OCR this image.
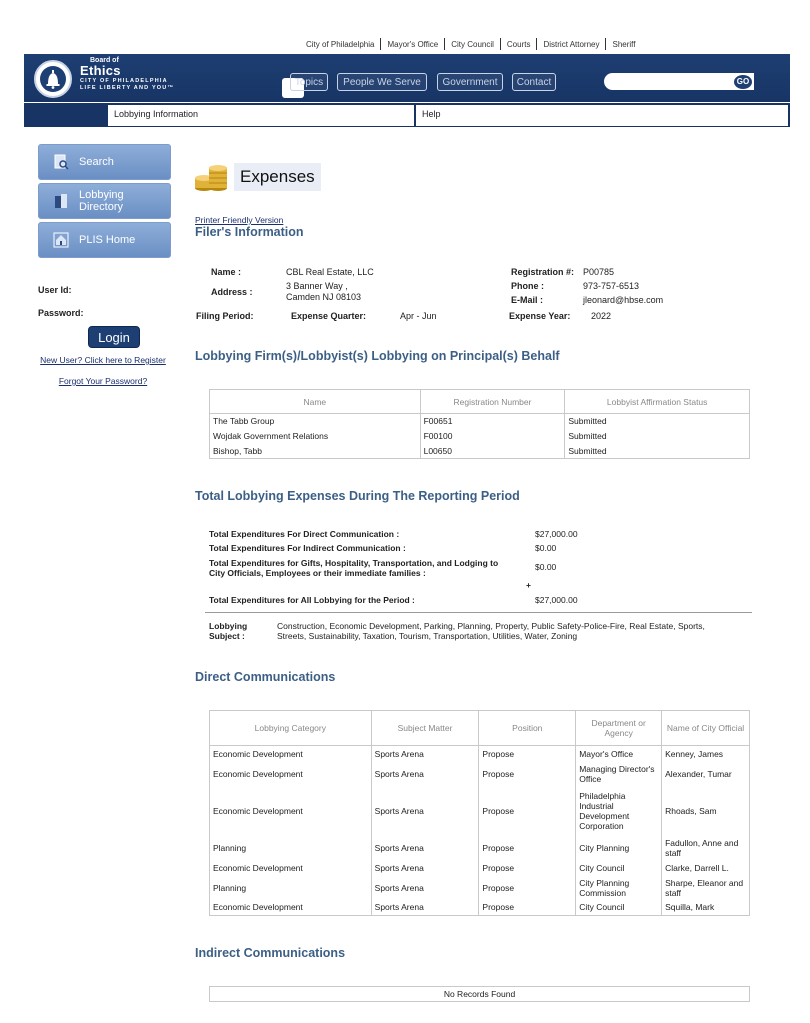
City of Philadelphia	Mayor's Office	City Council	Courts	District Attorney	Sheriff
Board of
Ethics
CITY OF PHILADELPHIA
LIFE LIBERTY AND YOU™	Topics	People We Serve	Government	Contact	GO
Lobbying Information	Help
Search
Lobbying Directory
PLIS Home
User Id:
Password:
Login
New User? Click here to Register
Forgot Your Password?
Expenses
Printer Friendly Version
Filer's Information
Name :	CBL Real Estate, LLC
Address :
3 Banner Way ,
Camden NJ 08103
Registration #: P00785
Phone :	973-757-6513
E-Mail :	jleonard@hbse.com
Filing Period:	Expense Quarter:	Apr - Jun	Expense Year: 2022
Lobbying Firm(s)/Lobbyist(s) Lobbying on Principal(s) Behalf
Name	Registration Number	Lobbyist Affirmation Status
The Tabb Group	F00651	Submitted
Wojdak Government Relations	F00100	Submitted
Bishop, Tabb	L00650	Submitted
Total Lobbying Expenses During The Reporting Period
Total Expenditures For Direct Communication :	$27,000.00
Total Expenditures For Indirect Communication :	$0.00
Total Expenditures for Gifts, Hospitality, Transportation, and Lodging to
City Officials, Employees or their immediate families :
$0.00
+
Total Expenditures for All Lobbying for the Period :	$27,000.00
Lobbying
Subject :
Construction, Economic Development, Parking, Planning, Property, Public Safety-Police-Fire, Real Estate, Sports,
Streets, Sustainability, Taxation, Tourism, Transportation, Utilities, Water, Zoning
Direct Communications
Lobbying Category	Subject Matter	Position	Department or Agency	Name of City Official
Economic Development	Sports Arena	Propose	Mayor's Office	Kenney, James
Economic Development	Sports Arena	Propose	Managing Director's Office	Alexander, Tumar
Economic Development	Sports Arena	Propose	Philadelphia Industrial Development Corporation	Rhoads, Sam
Planning	Sports Arena	Propose	City Planning	Fadullon, Anne and staff
Economic Development	Sports Arena	Propose	City Council	Clarke, Darrell L.
Planning	Sports Arena	Propose	City Planning Commission	Sharpe, Eleanor and staff
Economic Development	Sports Arena	Propose	City Council	Squilla, Mark
Indirect Communications
No Records Found
